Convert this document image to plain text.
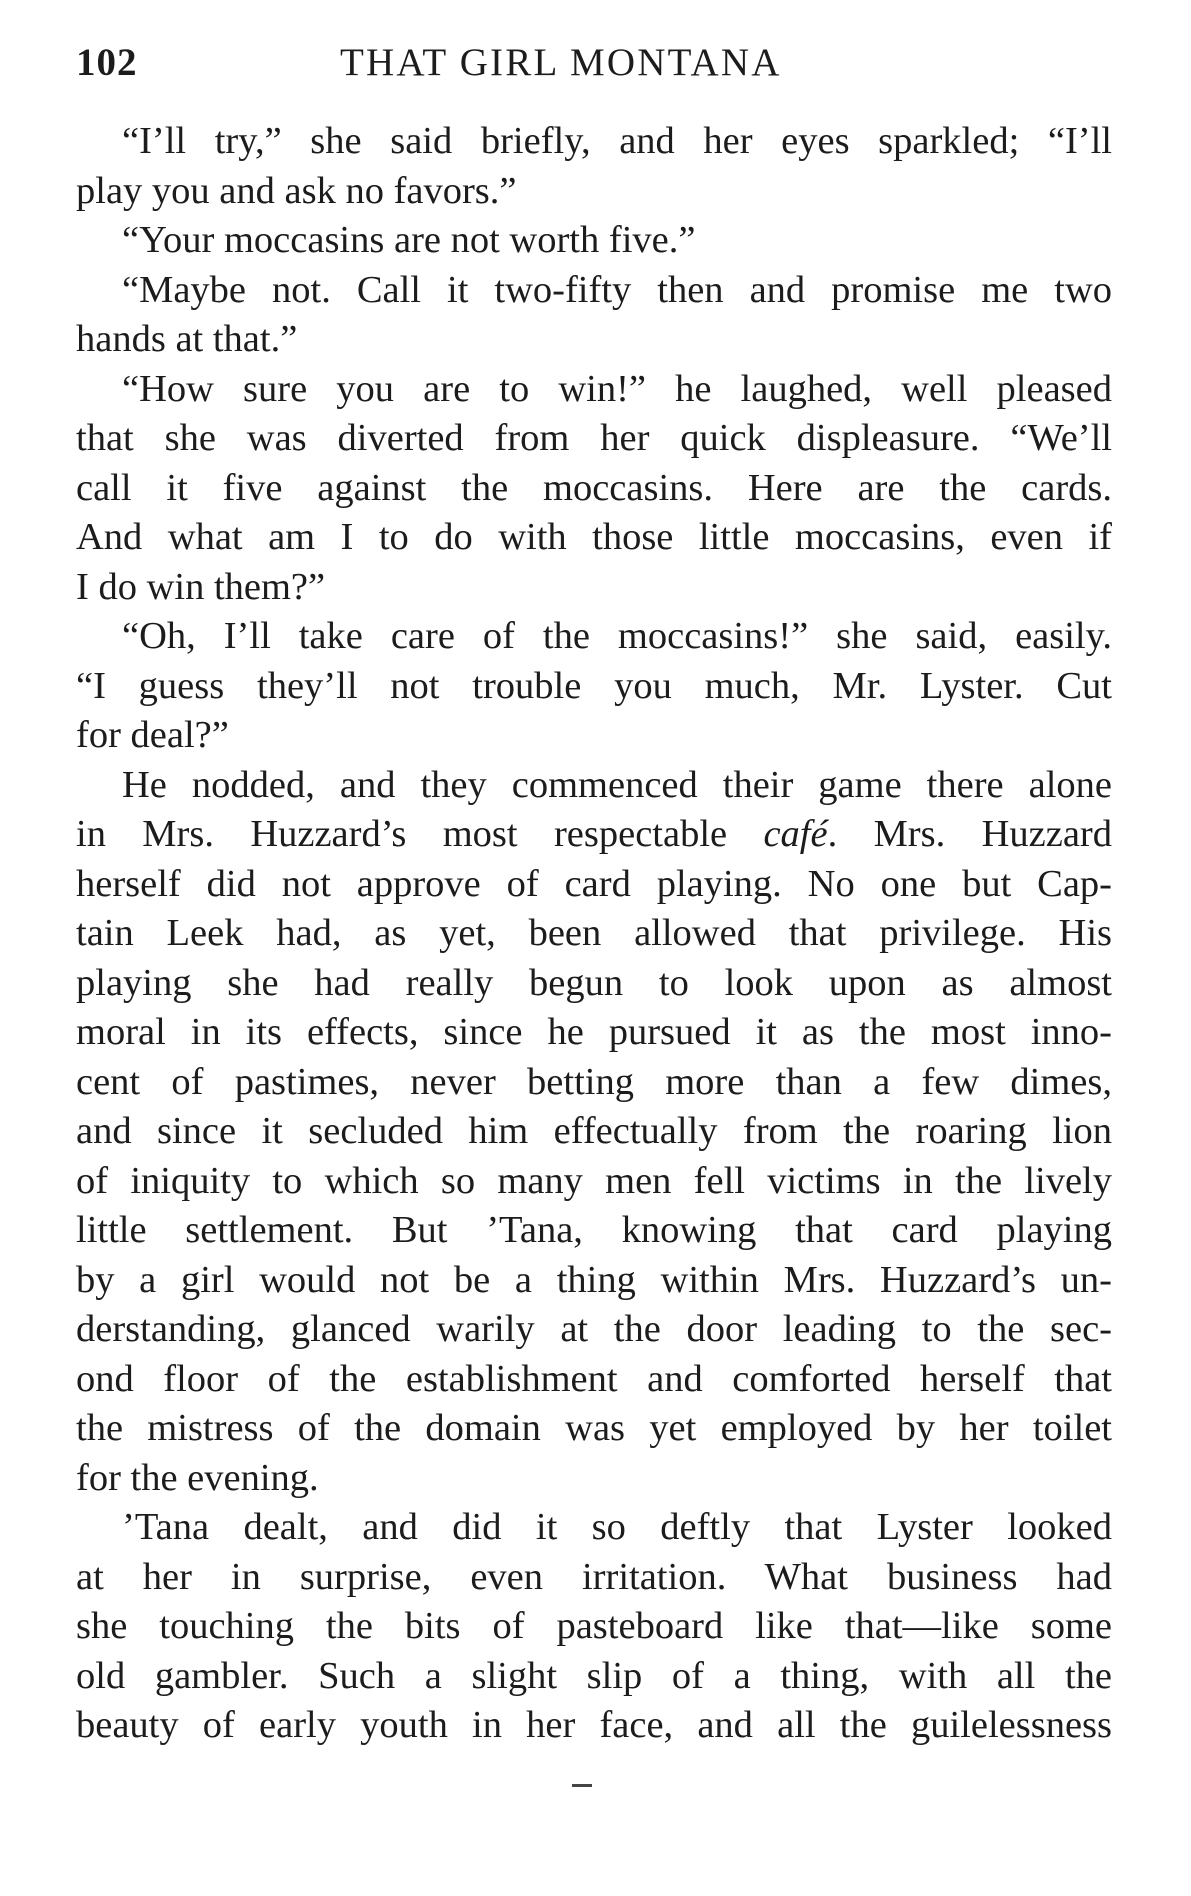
102	THAT GIRL MONTANA
“I’ll try,” she said briefly, and her eyes sparkled; “I’ll
play you and ask no favors.”
“Your moccasins are not worth five.”
“Maybe not. Call it two-fifty then and promise me two
hands at that.”
“How sure you are to win!” he laughed, well pleased
that she was diverted from her quick displeasure. “We’ll
call it five against the moccasins. Here are the cards.
And what am I to do with those little moccasins, even if
I do win them?”
“Oh, I’ll take care of the moccasins!” she said, easily.
“I guess they’ll not trouble you much, Mr. Lyster. Cut
for deal?”
He nodded, and they commenced their game there alone
in Mrs. Huzzard’s most respectable café. Mrs. Huzzard
herself did not approve of card playing. No one but Cap-
tain Leek had, as yet, been allowed that privilege. His
playing she had really begun to look upon as almost
moral in its effects, since he pursued it as the most inno-
cent of pastimes, never betting more than a few dimes,
and since it secluded him effectually from the roaring lion
of iniquity to which so many men fell victims in the lively
little settlement. But ’Tana, knowing that card playing
by a girl would not be a thing within Mrs. Huzzard’s un-
derstanding, glanced warily at the door leading to the sec-
ond floor of the establishment and comforted herself that
the mistress of the domain was yet employed by her toilet
for the evening.
’Tana dealt, and did it so deftly that Lyster looked
at her in surprise, even irritation. What business had
she touching the bits of pasteboard like that—like some
old gambler. Such a slight slip of a thing, with all the
beauty of early youth in her face, and all the guilelessness
